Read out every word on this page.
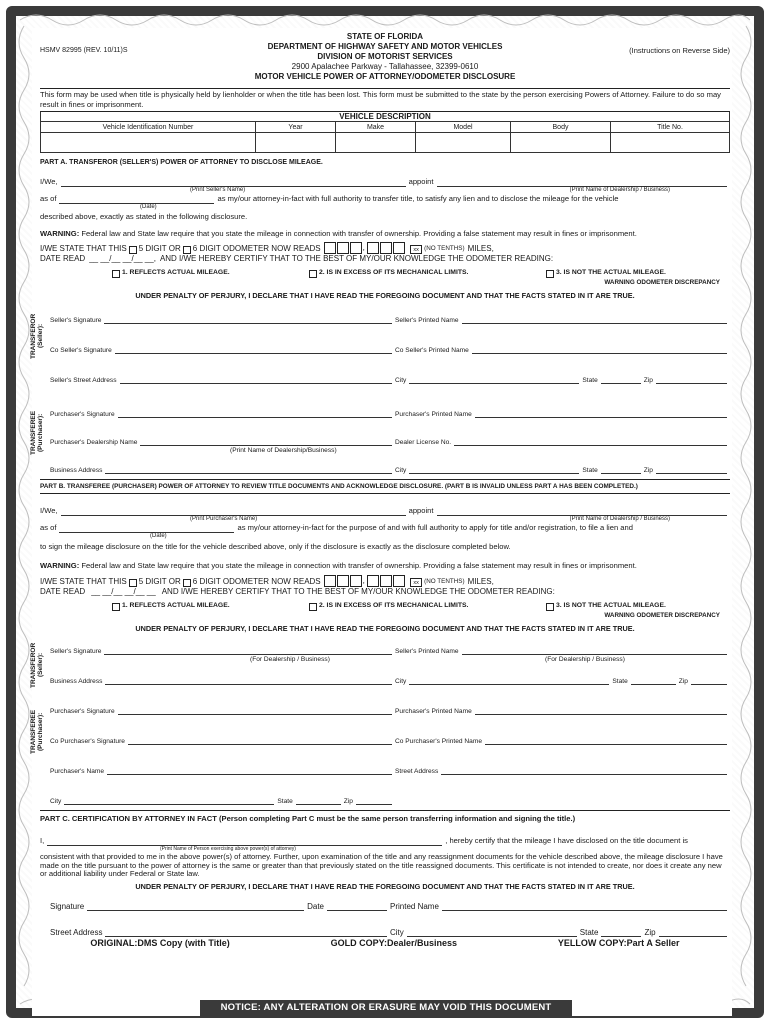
HSMV 82995 (REV. 10/11)S	(Instructions on Reverse Side)
STATE OF FLORIDA
DEPARTMENT OF HIGHWAY SAFETY AND MOTOR VEHICLES
DIVISION OF MOTORIST SERVICES
2900 Apalachee Parkway - Tallahassee, 32399-0610
MOTOR VEHICLE POWER OF ATTORNEY/ODOMETER DISCLOSURE
This form may be used when title is physically held by lienholder or when the title has been lost. This form must be submitted to the state by the person exercising Powers of Attorney. Failure to do so may result in fines or imprisonment.
VEHICLE DESCRIPTION
Vehicle Identification Number	Year	Make	Model	Body	Title No.

PART A. TRANSFEROR (SELLER'S) POWER OF ATTORNEY TO DISCLOSE MILEAGE.
I/We,	appoint
(Print Seller's Name)	(Print Name of Dealership / Business)
as of	as my/our attorney-in-fact with full authority to transfer title, to satisfy any lien and to disclose the mileage for the vehicle
(Date)
described above, exactly as stated in the following disclosure.
WARNING: Federal law and State law require that you state the mileage in connection with transfer of ownership. Providing a false statement may result in fines or imprisonment.
I/WE STATE THAT THIS 5 DIGIT OR 6 DIGIT ODOMETER NOW READS	,	xx (NO TENTHS) MILES,
DATE READ __ __/__ __/__ __, AND I/WE HEREBY CERTIFY THAT TO THE BEST OF MY/OUR KNOWLEDGE THE ODOMETER READING:
1. REFLECTS ACTUAL MILEAGE.	2. IS IN EXCESS OF ITS MECHANICAL LIMITS.	3. IS NOT THE ACTUAL MILEAGE.
WARNING ODOMETER DISCREPANCY
UNDER PENALTY OF PERJURY, I DECLARE THAT I HAVE READ THE FOREGOING DOCUMENT AND THAT THE FACTS STATED IN IT ARE TRUE.
TRANSFEROR (Seller):
Seller's Signature	Seller's Printed Name
Co Seller's Signature	Co Seller's Printed Name
Seller's Street Address	City	State	Zip
TRANSFEREE (Purchaser): Purchaser's Signature	Purchaser's Printed Name
Purchaser's Dealership Name	Dealer License No.
(Print Name of Dealership/Business)
Business Address	City	State	Zip
PART B. TRANSFEREE (PURCHASER) POWER OF ATTORNEY TO REVIEW TITLE DOCUMENTS AND ACKNOWLEDGE DISCLOSURE. (PART B IS INVALID UNLESS PART A HAS BEEN COMPLETED.)
I/We,	appoint
(Print Purchaser's Name)	(Print Name of Dealership / Business)
as of	as my/our attorney-in-fact for the purpose of and with full authority to apply for title and/or registration, to file a lien and
(Date)
to sign the mileage disclosure on the title for the vehicle described above, only if the disclosure is exactly as the disclosure completed below.
WARNING: Federal law and State law require that you state the mileage in connection with transfer of ownership. Providing a false statement may result in fines or imprisonment.
I/WE STATE THAT THIS 5 DIGIT OR 6 DIGIT ODOMETER NOW READS	,	xx (NO TENTHS) MILES,
DATE READ __ __/__ __/__ __ AND I/WE HEREBY CERTIFY THAT TO THE BEST OF MY/OUR KNOWLEDGE THE ODOMETER READING:
1. REFLECTS ACTUAL MILEAGE.	2. IS IN EXCESS OF ITS MECHANICAL LIMITS.	3. IS NOT THE ACTUAL MILEAGE.
WARNING ODOMETER DISCREPANCY
UNDER PENALTY OF PERJURY, I DECLARE THAT I HAVE READ THE FOREGOING DOCUMENT AND THAT THE FACTS STATED IN IT ARE TRUE.
TRANSFEROR (Seller):
Seller's Signature	Seller's Printed Name
(For Dealership / Business)	(For Dealership / Business)
Business Address	City	State	Zip
TRANSFEREE (Purchaser):
Purchaser's Signature	Purchaser's Printed Name
Co Purchaser's Signature	Co Purchaser's Printed Name
Purchaser's Name	Street Address
City	State	Zip
PART C. CERTIFICATION BY ATTORNEY IN FACT (Person completing Part C must be the same person transferring information and signing the title.)
I,	, hereby certify that the mileage I have disclosed on the title document is
(Print Name of Person exercising above power(s) of attorney)
consistent with that provided to me in the above power(s) of attorney. Further, upon examination of the title and any reassignment documents for the vehicle described above, the mileage disclosure I have made on the title pursuant to the power of attorney is the same or greater than that previously stated on the title reassigned documents. This certificate is not intended to create, nor does it create any new or additional liability under Federal or State law.
UNDER PENALTY OF PERJURY, I DECLARE THAT I HAVE READ THE FOREGOING DOCUMENT AND THAT THE FACTS STATED IN IT ARE TRUE.
Signature	Date	Printed Name
Street Address	City	State	Zip
ORIGINAL:DMS Copy (with Title)	GOLD COPY:Dealer/Business	YELLOW COPY:Part A Seller
NOTICE: ANY ALTERATION OR ERASURE MAY VOID THIS DOCUMENT
